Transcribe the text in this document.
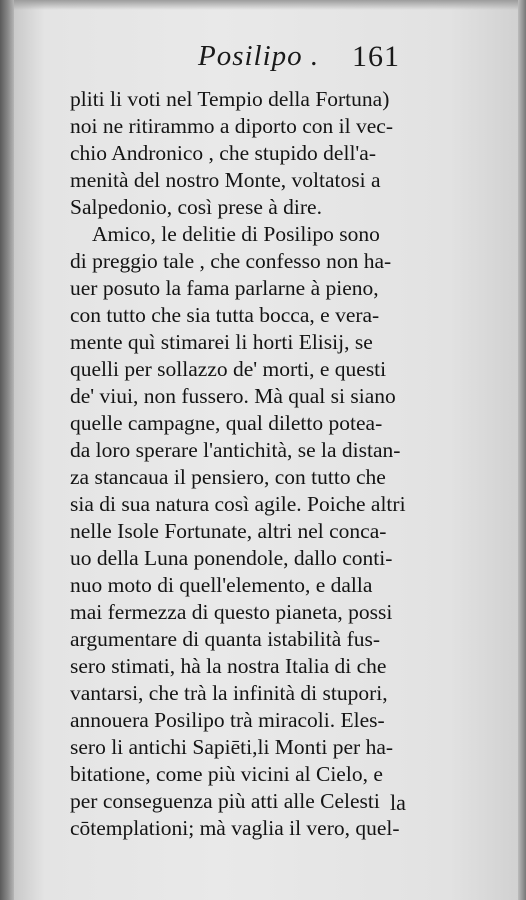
Posilipo . 161
pliti li voti nel Tempio della Fortuna)
noi ne ritirammo a diporto con il vec-
chio Andronico , che stupido dell'a-
menità del nostro Monte, voltatosi a
Salpedonio, così prese à dire.
Amico, le delitie di Posilipo sono
di preggio tale , che confesso non ha-
uer posuto la fama parlarne à pieno,
con tutto che sia tutta bocca, e vera-
mente quì stimarei li horti Elisij, se
quelli per sollazzo de' morti, e questi
de' viui, non fussero. Mà qual si siano
quelle campagne, qual diletto potea-
da loro sperare l'antichità, se la distan-
za stancaua il pensiero, con tutto che
sia di sua natura così agile. Poiche altri
nelle Isole Fortunate, altri nel conca-
uo della Luna ponendole, dallo conti-
nuo moto di quell'elemento, e dalla
mai fermezza di questo pianeta, possi
argumentare di quanta istabilità fus-
sero stimati, hà la nostra Italia di che
vantarsi, che trà la infinità di stupori,
annouera Posilipo trà miracoli. Eles-
sero li antichi Sapiēti,li Monti per ha-
bitatione, come più vicini al Cielo, e
per conseguenza più atti alle Celesti
cōtemplationi; mà vaglia il vero, quel-
la
